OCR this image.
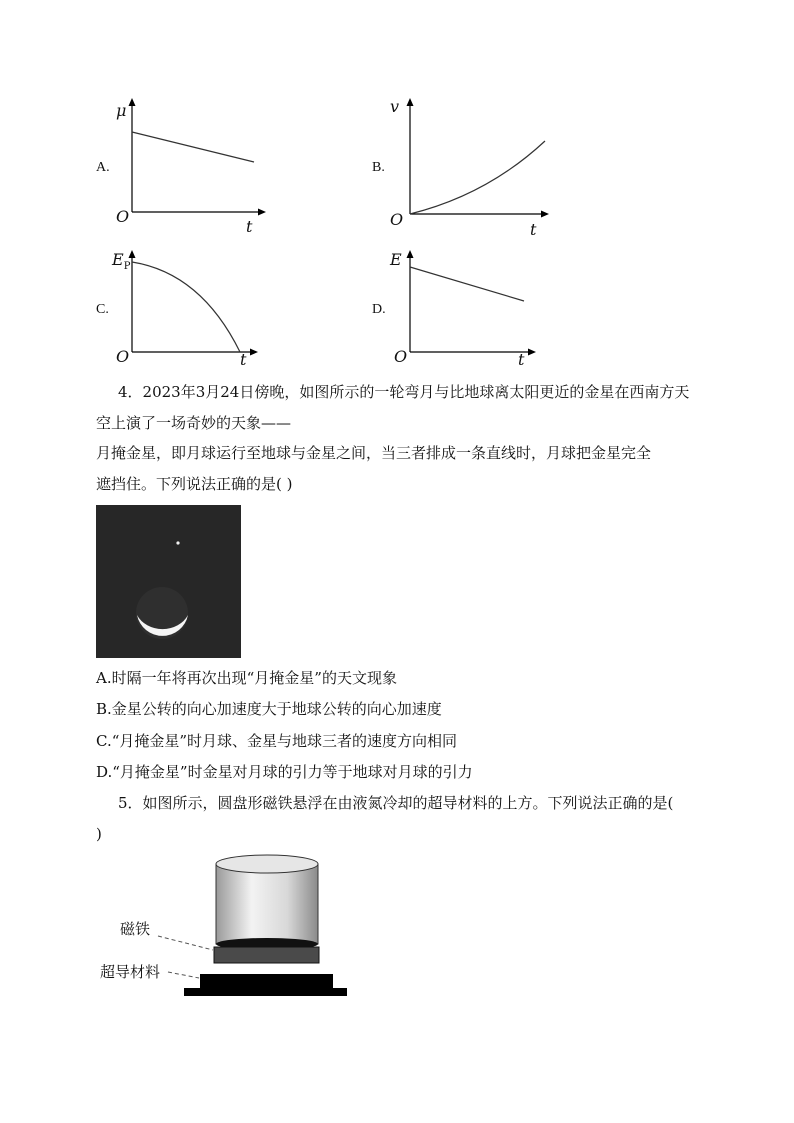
A.
μ
O
t
B.
v
O
t
C.
$E_P$
O	t
D.
E
O	t
4．2023年3月24日傍晚，如图所示的一轮弯月与比地球离太阳更近的金星在西南方天
空上演了一场奇妙的天象——
月掩金星，即月球运行至地球与金星之间，当三者排成一条直线时，月球把金星完全
遮挡住。下列说法正确的是( )
A.时隔一年将再次出现“月掩金星”的天文现象
B.金星公转的向心加速度大于地球公转的向心加速度
C.“月掩金星”时月球、金星与地球三者的速度方向相同
D.“月掩金星”时金星对月球的引力等于地球对月球的引力
5．如图所示，圆盘形磁铁悬浮在由液氮冷却的超导材料的上方。下列说法正确的是(
)
磁铁
超导材料
